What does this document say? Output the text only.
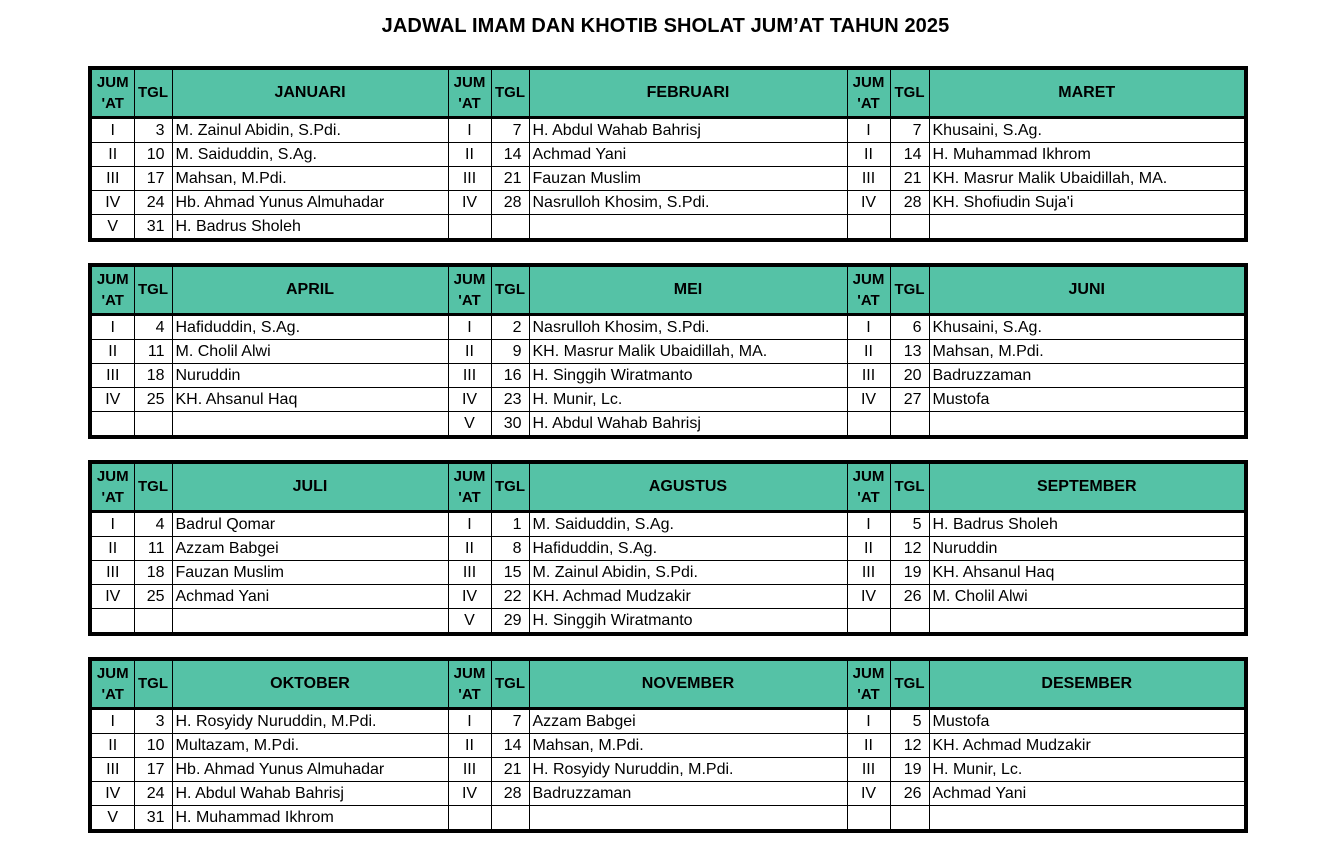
JADWAL IMAM DAN KHOTIB SHOLAT JUM’AT TAHUN 2025
JUM
'AT	TGL	JANUARI	JUM
'AT	TGL	FEBRUARI	JUM
'AT	TGL	MARET
I	3	M. Zainul Abidin, S.Pdi.	I	7	H. Abdul Wahab Bahrisj	I	7	Khusaini, S.Ag.
II	10	M. Saiduddin, S.Ag.	II	14	Achmad Yani	II	14	H. Muhammad Ikhrom
III	17	Mahsan, M.Pdi.	III	21	Fauzan Muslim	III	21	KH. Masrur Malik Ubaidillah, MA.
IV	24	Hb. Ahmad Yunus Almuhadar	IV	28	Nasrulloh Khosim, S.Pdi.	IV	28	KH. Shofiudin Suja'i
V	31	H. Badrus Sholeh						
JUM
'AT	TGL	APRIL	JUM
'AT	TGL	MEI	JUM
'AT	TGL	JUNI
I	4	Hafiduddin, S.Ag.	I	2	Nasrulloh Khosim, S.Pdi.	I	6	Khusaini, S.Ag.
II	11	M. Cholil Alwi	II	9	KH. Masrur Malik Ubaidillah, MA.	II	13	Mahsan, M.Pdi.
III	18	Nuruddin	III	16	H. Singgih Wiratmanto	III	20	Badruzzaman
IV	25	KH. Ahsanul Haq	IV	23	H. Munir, Lc.	IV	27	Mustofa
			V	30	H. Abdul Wahab Bahrisj			
JUM
'AT	TGL	JULI	JUM
'AT	TGL	AGUSTUS	JUM
'AT	TGL	SEPTEMBER
I	4	Badrul Qomar	I	1	M. Saiduddin, S.Ag.	I	5	H. Badrus Sholeh
II	11	Azzam Babgei	II	8	Hafiduddin, S.Ag.	II	12	Nuruddin
III	18	Fauzan Muslim	III	15	M. Zainul Abidin, S.Pdi.	III	19	KH. Ahsanul Haq
IV	25	Achmad Yani	IV	22	KH. Achmad Mudzakir	IV	26	M. Cholil Alwi
			V	29	H. Singgih Wiratmanto			
JUM
'AT	TGL	OKTOBER	JUM
'AT	TGL	NOVEMBER	JUM
'AT	TGL	DESEMBER
I	3	H. Rosyidy Nuruddin, M.Pdi.	I	7	Azzam Babgei	I	5	Mustofa
II	10	Multazam, M.Pdi.	II	14	Mahsan, M.Pdi.	II	12	KH. Achmad Mudzakir
III	17	Hb. Ahmad Yunus Almuhadar	III	21	H. Rosyidy Nuruddin, M.Pdi.	III	19	H. Munir, Lc.
IV	24	H. Abdul Wahab Bahrisj	IV	28	Badruzzaman	IV	26	Achmad Yani
V	31	H. Muhammad Ikhrom						
